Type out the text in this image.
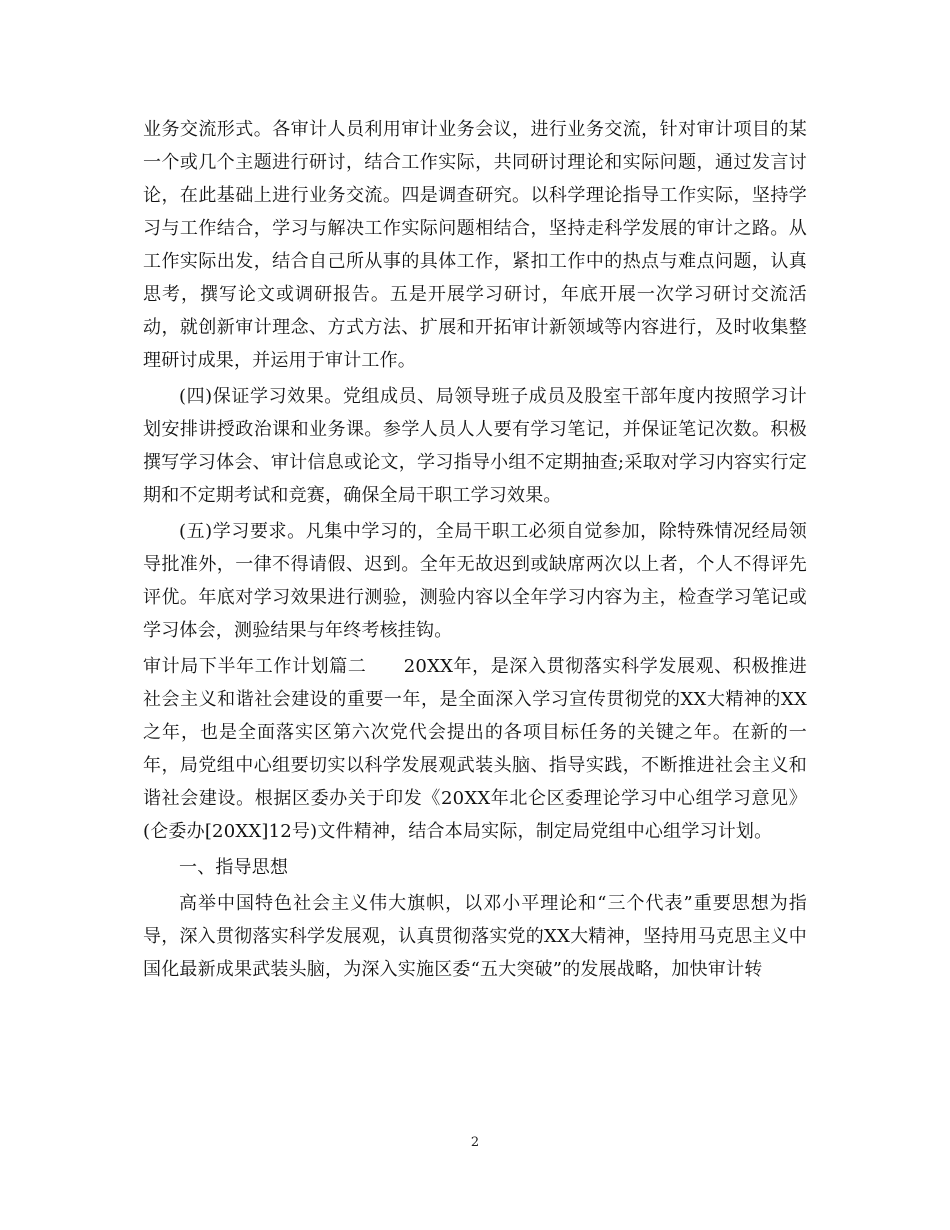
业务交流形式。各审计人员利用审计业务会议，进行业务交流，针对审计项目的某一个或几个主题进行研讨，结合工作实际，共同研讨理论和实际问题，通过发言讨论，在此基础上进行业务交流。四是调查研究。以科学理论指导工作实际，坚持学习与工作结合，学习与解决工作实际问题相结合，坚持走科学发展的审计之路。从工作实际出发，结合自己所从事的具体工作，紧扣工作中的热点与难点问题，认真思考，撰写论文或调研报告。五是开展学习研讨，年底开展一次学习研讨交流活动，就创新审计理念、方式方法、扩展和开拓审计新领域等内容进行，及时收集整理研讨成果，并运用于审计工作。

(四)保证学习效果。党组成员、局领导班子成员及股室干部年度内按照学习计划安排讲授政治课和业务课。参学人员人人要有学习笔记，并保证笔记次数。积极撰写学习体会、审计信息或论文，学习指导小组不定期抽查;采取对学习内容实行定期和不定期考试和竞赛，确保全局干职工学习效果。

(五)学习要求。凡集中学习的，全局干职工必须自觉参加，除特殊情况经局领导批准外，一律不得请假、迟到。全年无故迟到或缺席两次以上者，个人不得评先评优。年底对学习效果进行测验，测验内容以全年学习内容为主，检查学习笔记或学习体会，测验结果与年终考核挂钩。

审计局下半年工作计划篇二　　20XX年，是深入贯彻落实科学发展观、积极推进社会主义和谐社会建设的重要一年，是全面深入学习宣传贯彻党的XX大精神的XX之年，也是全面落实区第六次党代会提出的各项目标任务的关键之年。在新的一年，局党组中心组要切实以科学发展观武装头脑、指导实践，不断推进社会主义和谐社会建设。根据区委办关于印发《20XX年北仑区委理论学习中心组学习意见》(仑委办[20XX]12号)文件精神，结合本局实际，制定局党组中心组学习计划。

一、指导思想

高举中国特色社会主义伟大旗帜，以邓小平理论和“三个代表”重要思想为指导，深入贯彻落实科学发展观，认真贯彻落实党的XX大精神，坚持用马克思主义中国化最新成果武装头脑，为深入实施区委“五大突破”的发展战略，加快审计转

2
